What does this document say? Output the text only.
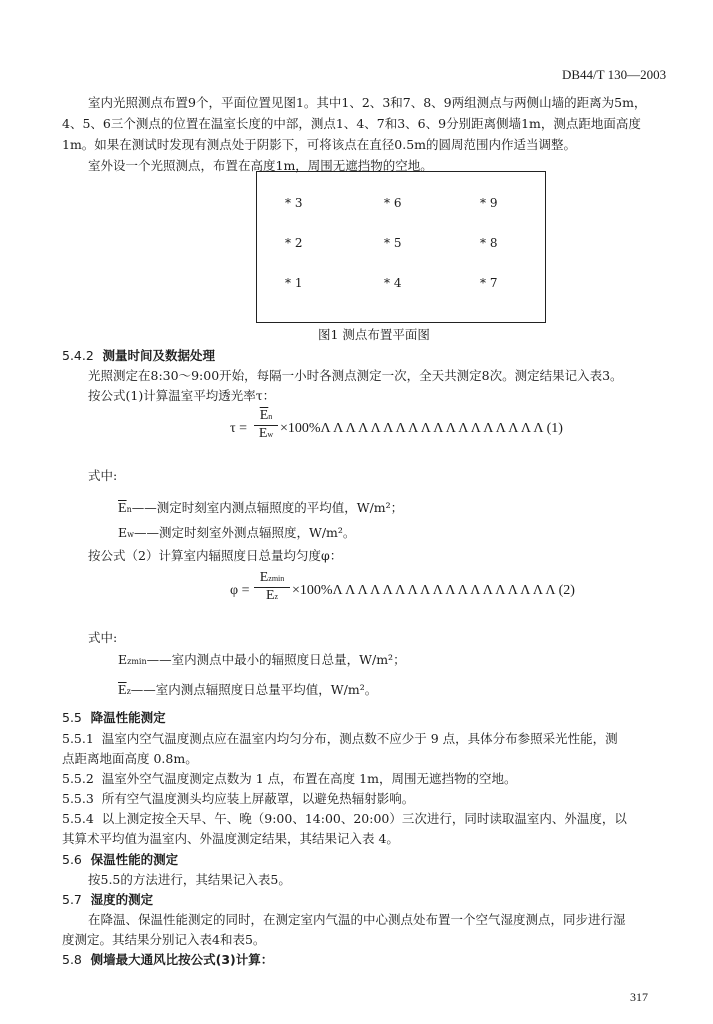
DB44/T 130—2003
室内光照测点布置9个，平面位置见图1。其中1、2、3和7、8、9两组测点与两侧山墙的距离为5m，
4、5、6三个测点的位置在温室长度的中部，测点1、4、7和3、6、9分别距离侧墙1m，测点距地面高度
1m。如果在测试时发现有测点处于阴影下，可将该点在直径0.5m的圆周范围内作适当调整。
室外设一个光照测点，布置在高度1m，周围无遮挡物的空地。
* 3	* 6	* 9
* 2	* 5	* 8
* 1	* 4	* 7
图1 测点布置平面图
5.4.2 测量时间及数据处理
光照测定在8:30～9:00开始，每隔一小时各测点测定一次，全天共测定8次。测定结果记入表3。
按公式(1)计算温室平均透光率τ：
$\tau = \frac{\overline{E}n}{Ew} \times 100\%\Lambda$ Λ Λ Λ Λ Λ Λ Λ Λ Λ Λ Λ Λ Λ Λ Λ Λ Λ (1)
式中:
$\overline{E}n——$测定时刻室内测点辐照度的平均值，W/m²；
Ew——测定时刻室外测点辐照度，W/m²。
按公式（2）计算室内辐照度日总量均匀度φ：
φ =
Ezmin
$\overline{E}z \times 100\%\Lambda$ Λ Λ Λ Λ Λ Λ Λ Λ Λ Λ Λ Λ Λ Λ Λ Λ Λ (2)
式中:
Ezmin——室内测点中最小的辐照度日总量，W/m²；
$\overline{E}z——$室内测点辐照度日总量平均值，W/m²。
5.5 降温性能测定
5.5.1 温室内空气温度测点应在温室内均匀分布，测点数不应少于 9 点，具体分布参照采光性能，测
点距离地面高度 0.8m。
5.5.2 温室外空气温度测定点数为 1 点，布置在高度 1m，周围无遮挡物的空地。
5.5.3 所有空气温度测头均应装上屏蔽罩，以避免热辐射影响。
5.5.4 以上测定按全天早、午、晚（9:00、14:00、20:00）三次进行，同时读取温室内、外温度，以
其算术平均值为温室内、外温度测定结果，其结果记入表 4。
5.6 保温性能的测定
按5.5的方法进行，其结果记入表5。
5.7 湿度的测定
在降温、保温性能测定的同时，在测定室内气温的中心测点处布置一个空气湿度测点，同步进行湿
度测定。其结果分别记入表4和表5。
5.8 侧墙最大通风比按公式(3)计算：
317
